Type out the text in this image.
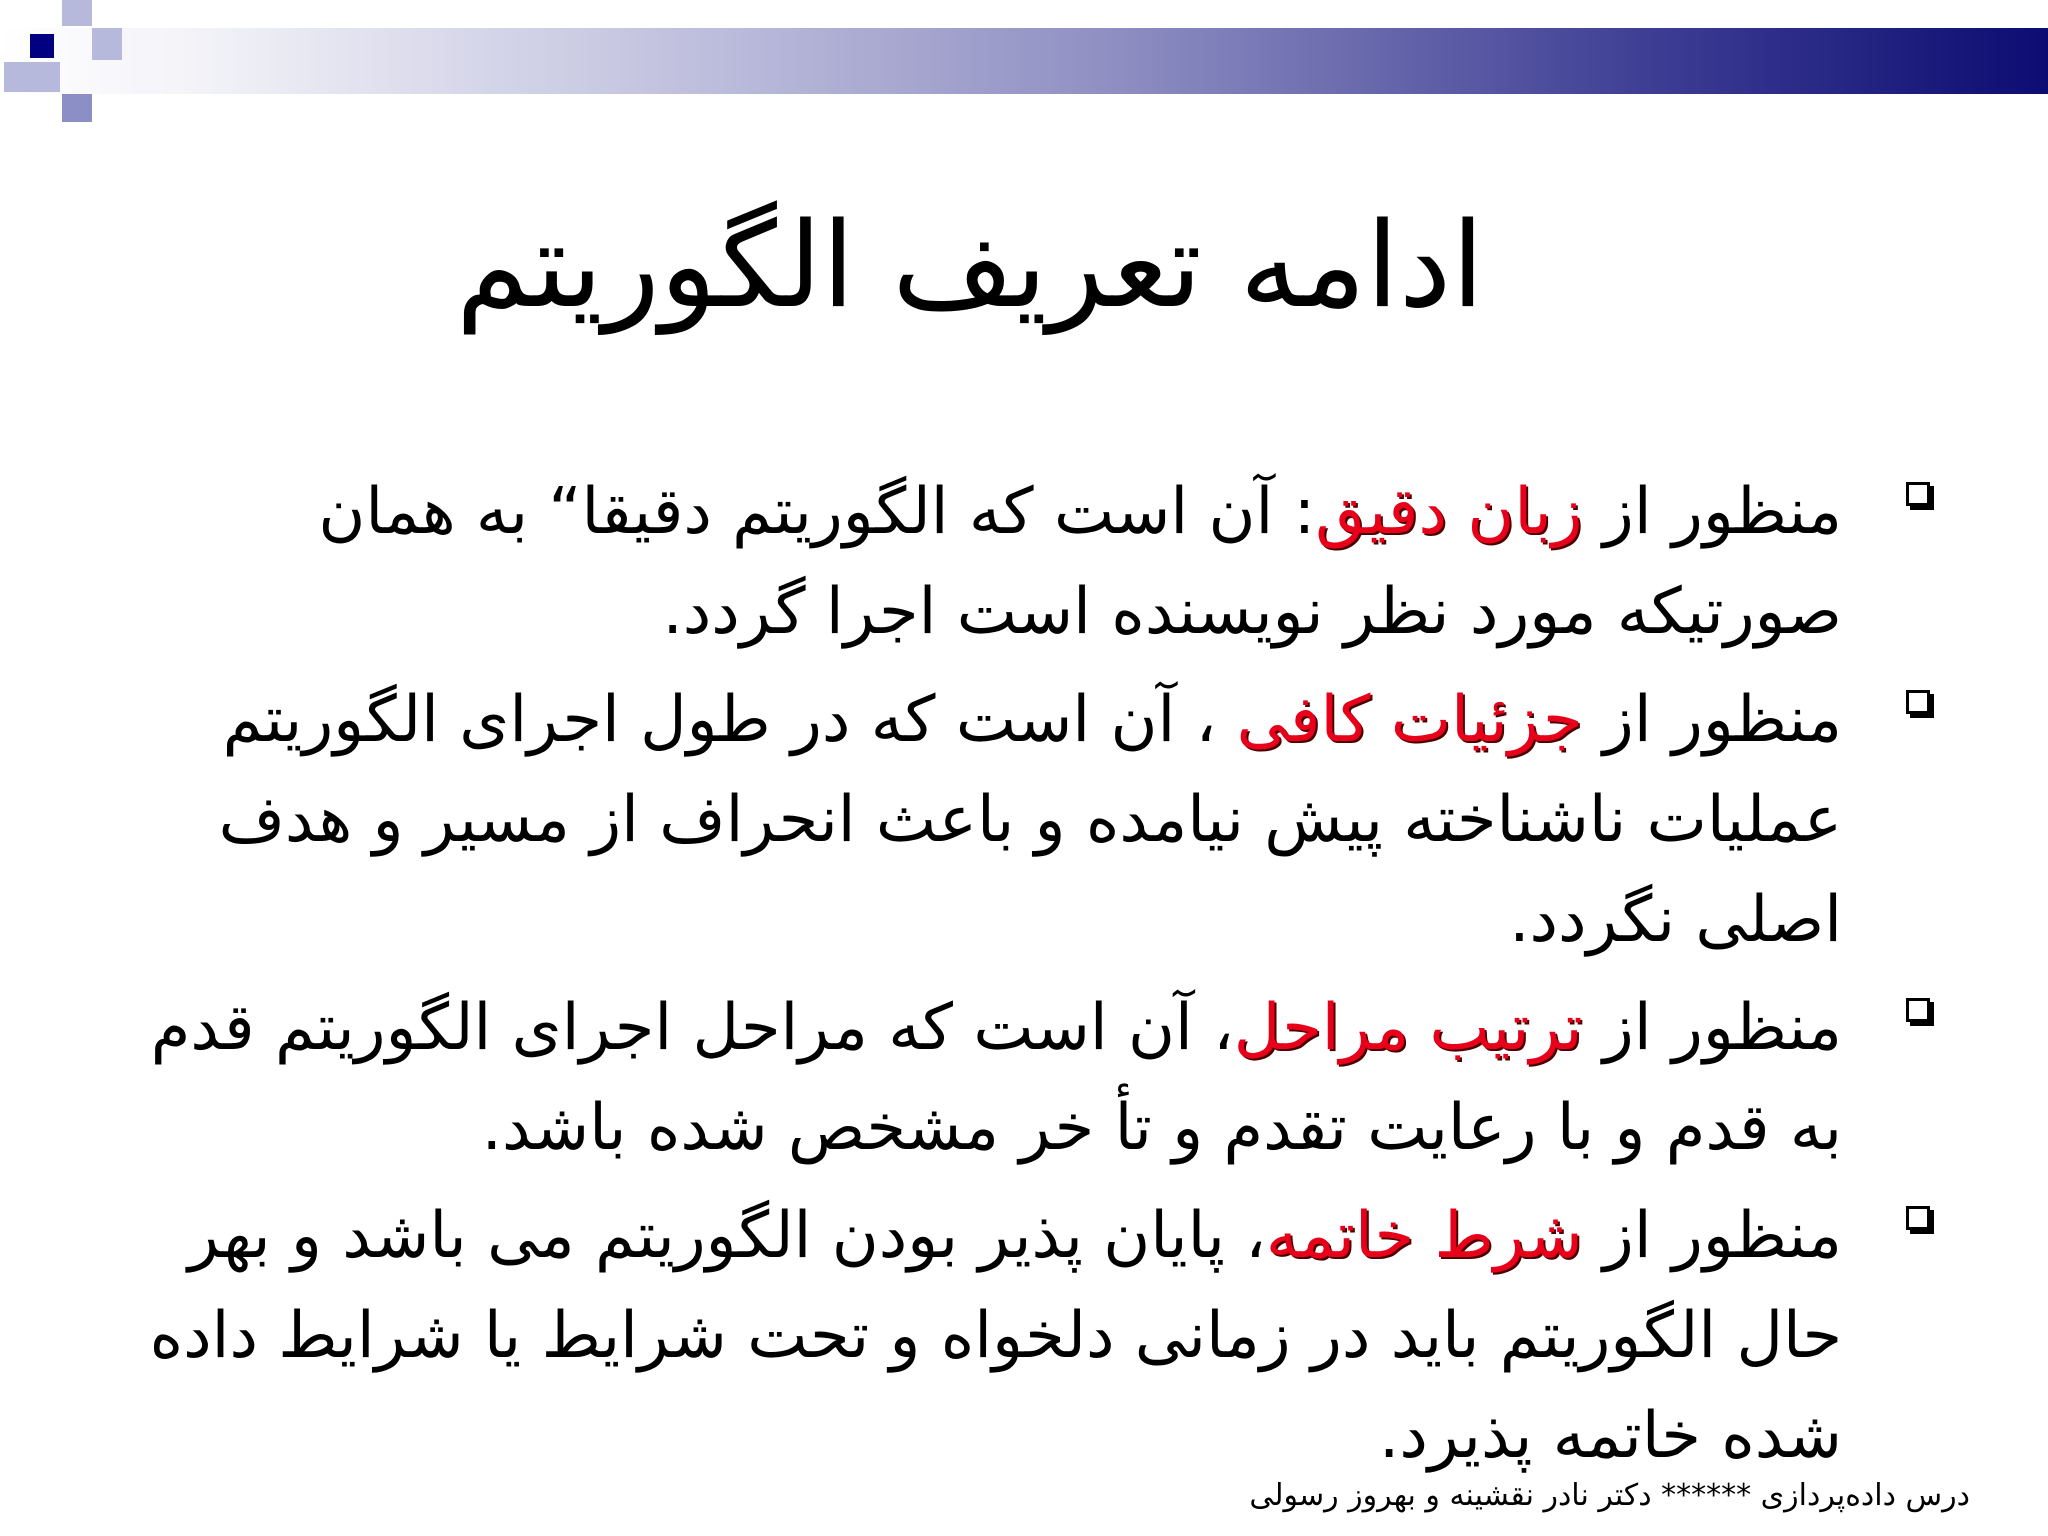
ادامه تعریف الگوریتم
منظور از زبان دقیق: آن است که الگوریتم دقیقا“ به همان صورتیکه مورد نظر نویسنده است اجرا گردد.
منظور از جزئیات کافی ، آن است که در طول اجرای الگوریتم عملیات ناشناخته پیش نیامده و باعث انحراف از مسیر و هدف اصلی نگردد.
منظور از ترتیب مراحل، آن است که مراحل اجرای الگوریتم قدم به قدم و با رعایت تقدم و تأ خر مشخص شده باشد.
منظور از شرط خاتمه، پایان پذیر بودن الگوریتم می باشد و بهر حال الگوریتم باید در زمانی دلخواه و تحت شرایط یا شرایط داده شده خاتمه پذیرد.
درس داده‌پردازی ****** دکتر نادر نقشینه و بهروز رسولی
